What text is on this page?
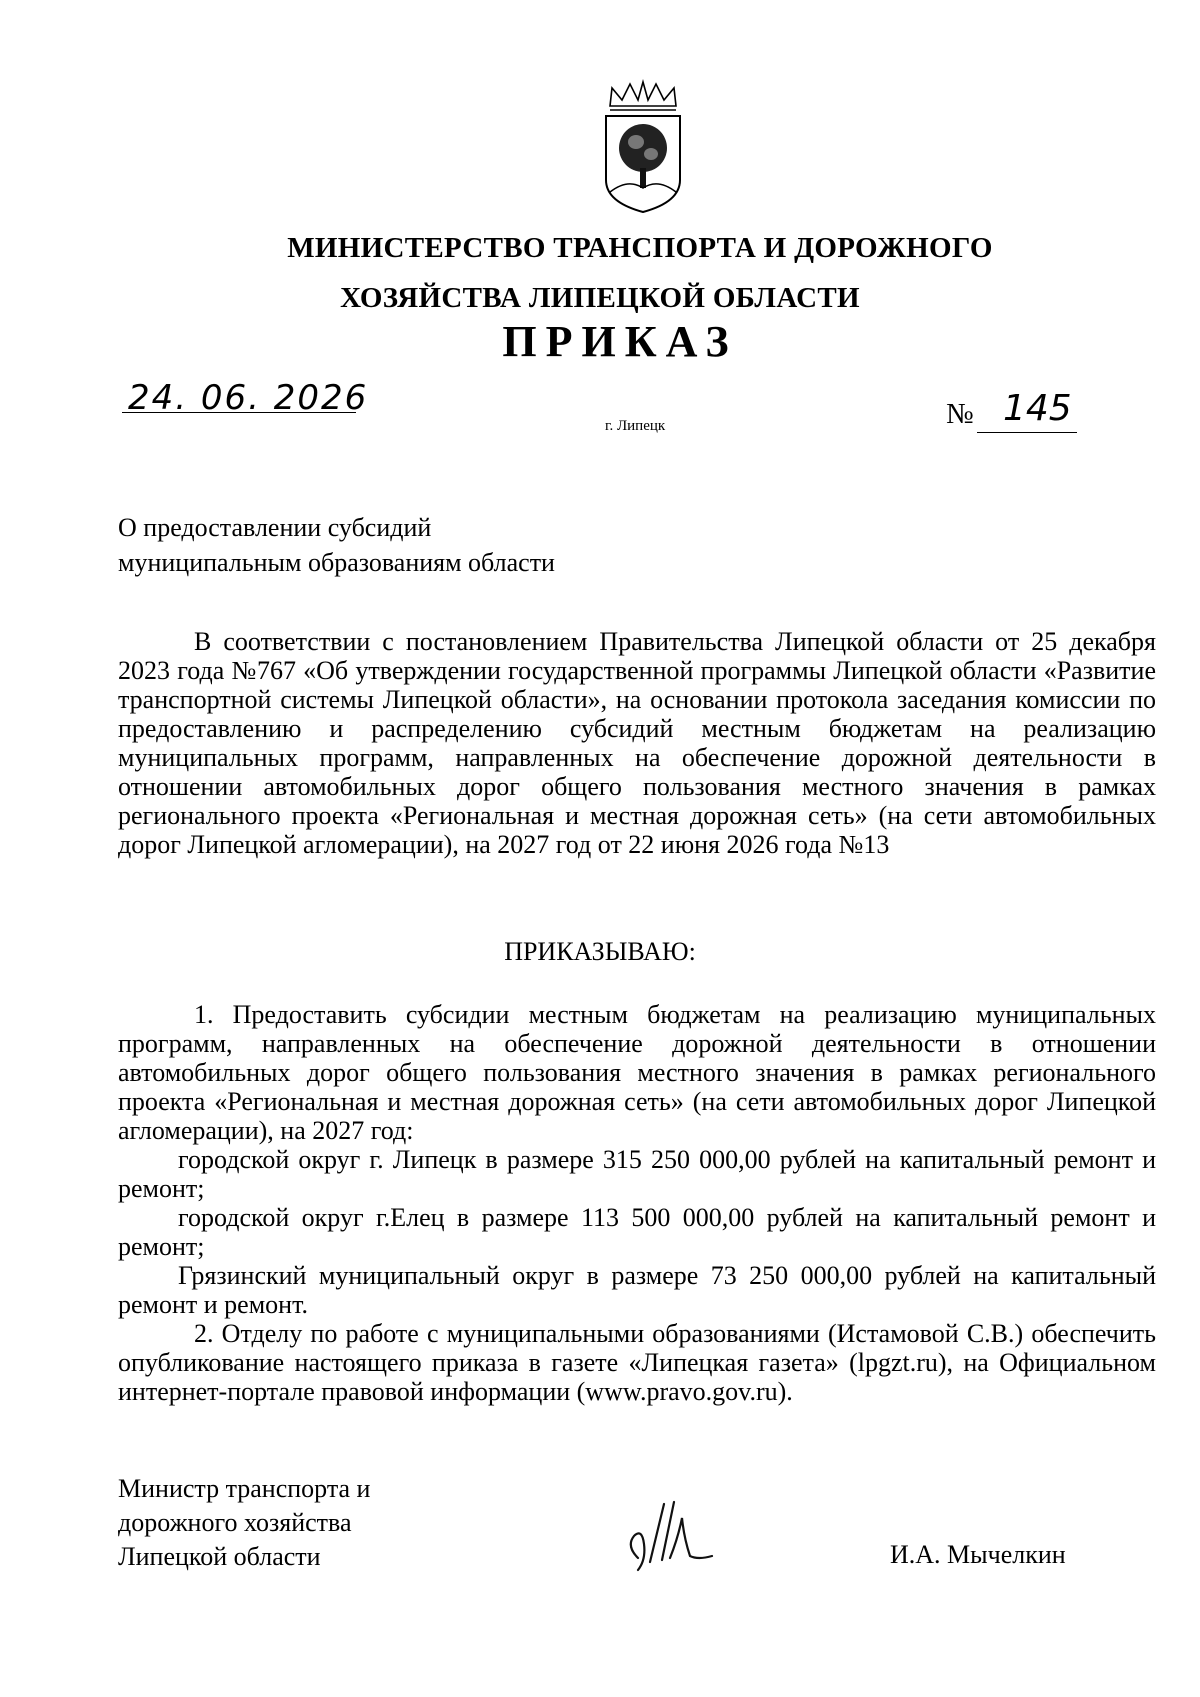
МИНИСТЕРСТВО ТРАНСПОРТА И ДОРОЖНОГО
ХОЗЯЙСТВА ЛИПЕЦКОЙ ОБЛАСТИ
ПРИКАЗ
24. 06. 2026
г. Липецк	№ 145
О предоставлении субсидий
муниципальным образованиям области

В соответствии с постановлением Правительства Липецкой области от 25 декабря 2023 года №767 «Об утверждении государственной программы Липецкой области «Развитие транспортной системы Липецкой области», на основании протокола заседания комиссии по предоставлению и распределению субсидий местным бюджетам на реализацию муниципальных программ, направленных на обеспечение дорожной деятельности в отношении автомобильных дорог общего пользования местного значения в рамках регионального проекта «Региональная и местная дорожная сеть» (на сети автомобильных дорог Липецкой агломерации), на 2027 год от 22 июня 2026 года №13

ПРИКАЗЫВАЮ:

1. Предоставить субсидии местным бюджетам на реализацию муниципальных программ, направленных на обеспечение дорожной деятельности в отношении автомобильных дорог общего пользования местного значения в рамках регионального проекта «Региональная и местная дорожная сеть» (на сети автомобильных дорог Липецкой агломерации), на 2027 год:

городской округ г. Липецк в размере 315 250 000,00 рублей на капитальный ремонт и ремонт;

городской округ г.Елец в размере 113 500 000,00 рублей на капитальный ремонт и ремонт;

Грязинский муниципальный округ в размере 73 250 000,00 рублей на капитальный ремонт и ремонт.

2. Отделу по работе с муниципальными образованиями (Истамовой С.В.) обеспечить опубликование настоящего приказа в газете «Липецкая газета» (lpgzt.ru), на Официальном интернет-портале правовой информации (www.pravo.gov.ru).

Министр транспорта и
дорожного хозяйства
Липецкой области	И.А. Мычелкин
